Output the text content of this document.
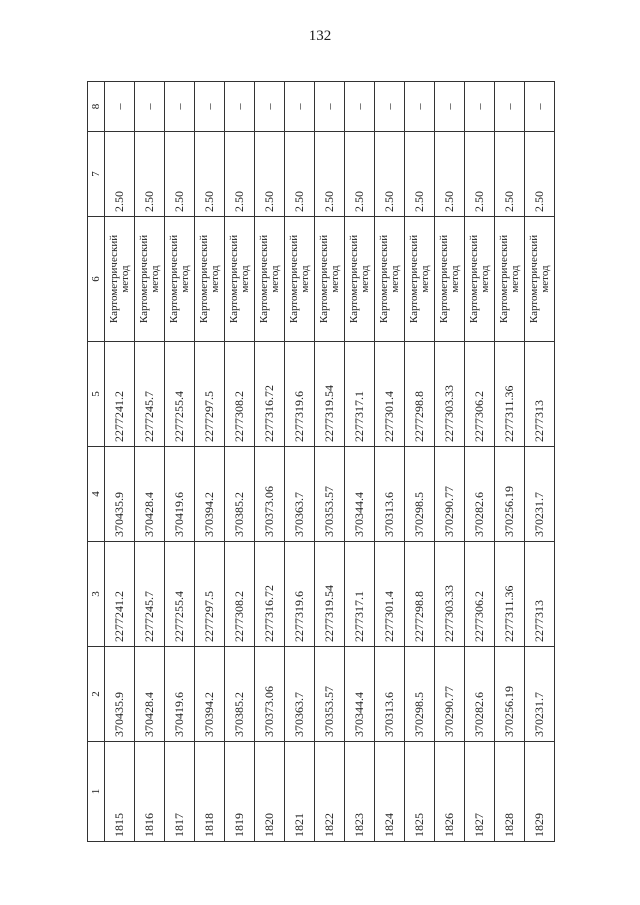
132
1	2	3	4	5	6	7	8
1815	370435.9	2277241.2	370435.9	2277241.2	Картометрический метод	2.50	–
1816	370428.4	2277245.7	370428.4	2277245.7	Картометрический метод	2.50	–
1817	370419.6	2277255.4	370419.6	2277255.4	Картометрический метод	2.50	–
1818	370394.2	2277297.5	370394.2	2277297.5	Картометрический метод	2.50	–
1819	370385.2	2277308.2	370385.2	2277308.2	Картометрический метод	2.50	–
1820	370373.06	2277316.72	370373.06	2277316.72	Картометрический метод	2.50	–
1821	370363.7	2277319.6	370363.7	2277319.6	Картометрический метод	2.50	–
1822	370353.57	2277319.54	370353.57	2277319.54	Картометрический метод	2.50	–
1823	370344.4	2277317.1	370344.4	2277317.1	Картометрический метод	2.50	–
1824	370313.6	2277301.4	370313.6	2277301.4	Картометрический метод	2.50	–
1825	370298.5	2277298.8	370298.5	2277298.8	Картометрический метод	2.50	–
1826	370290.77	2277303.33	370290.77	2277303.33	Картометрический метод	2.50	–
1827	370282.6	2277306.2	370282.6	2277306.2	Картометрический метод	2.50	–
1828	370256.19	2277311.36	370256.19	2277311.36	Картометрический метод	2.50	–
1829	370231.7	2277313	370231.7	2277313	Картометрический метод	2.50	–
